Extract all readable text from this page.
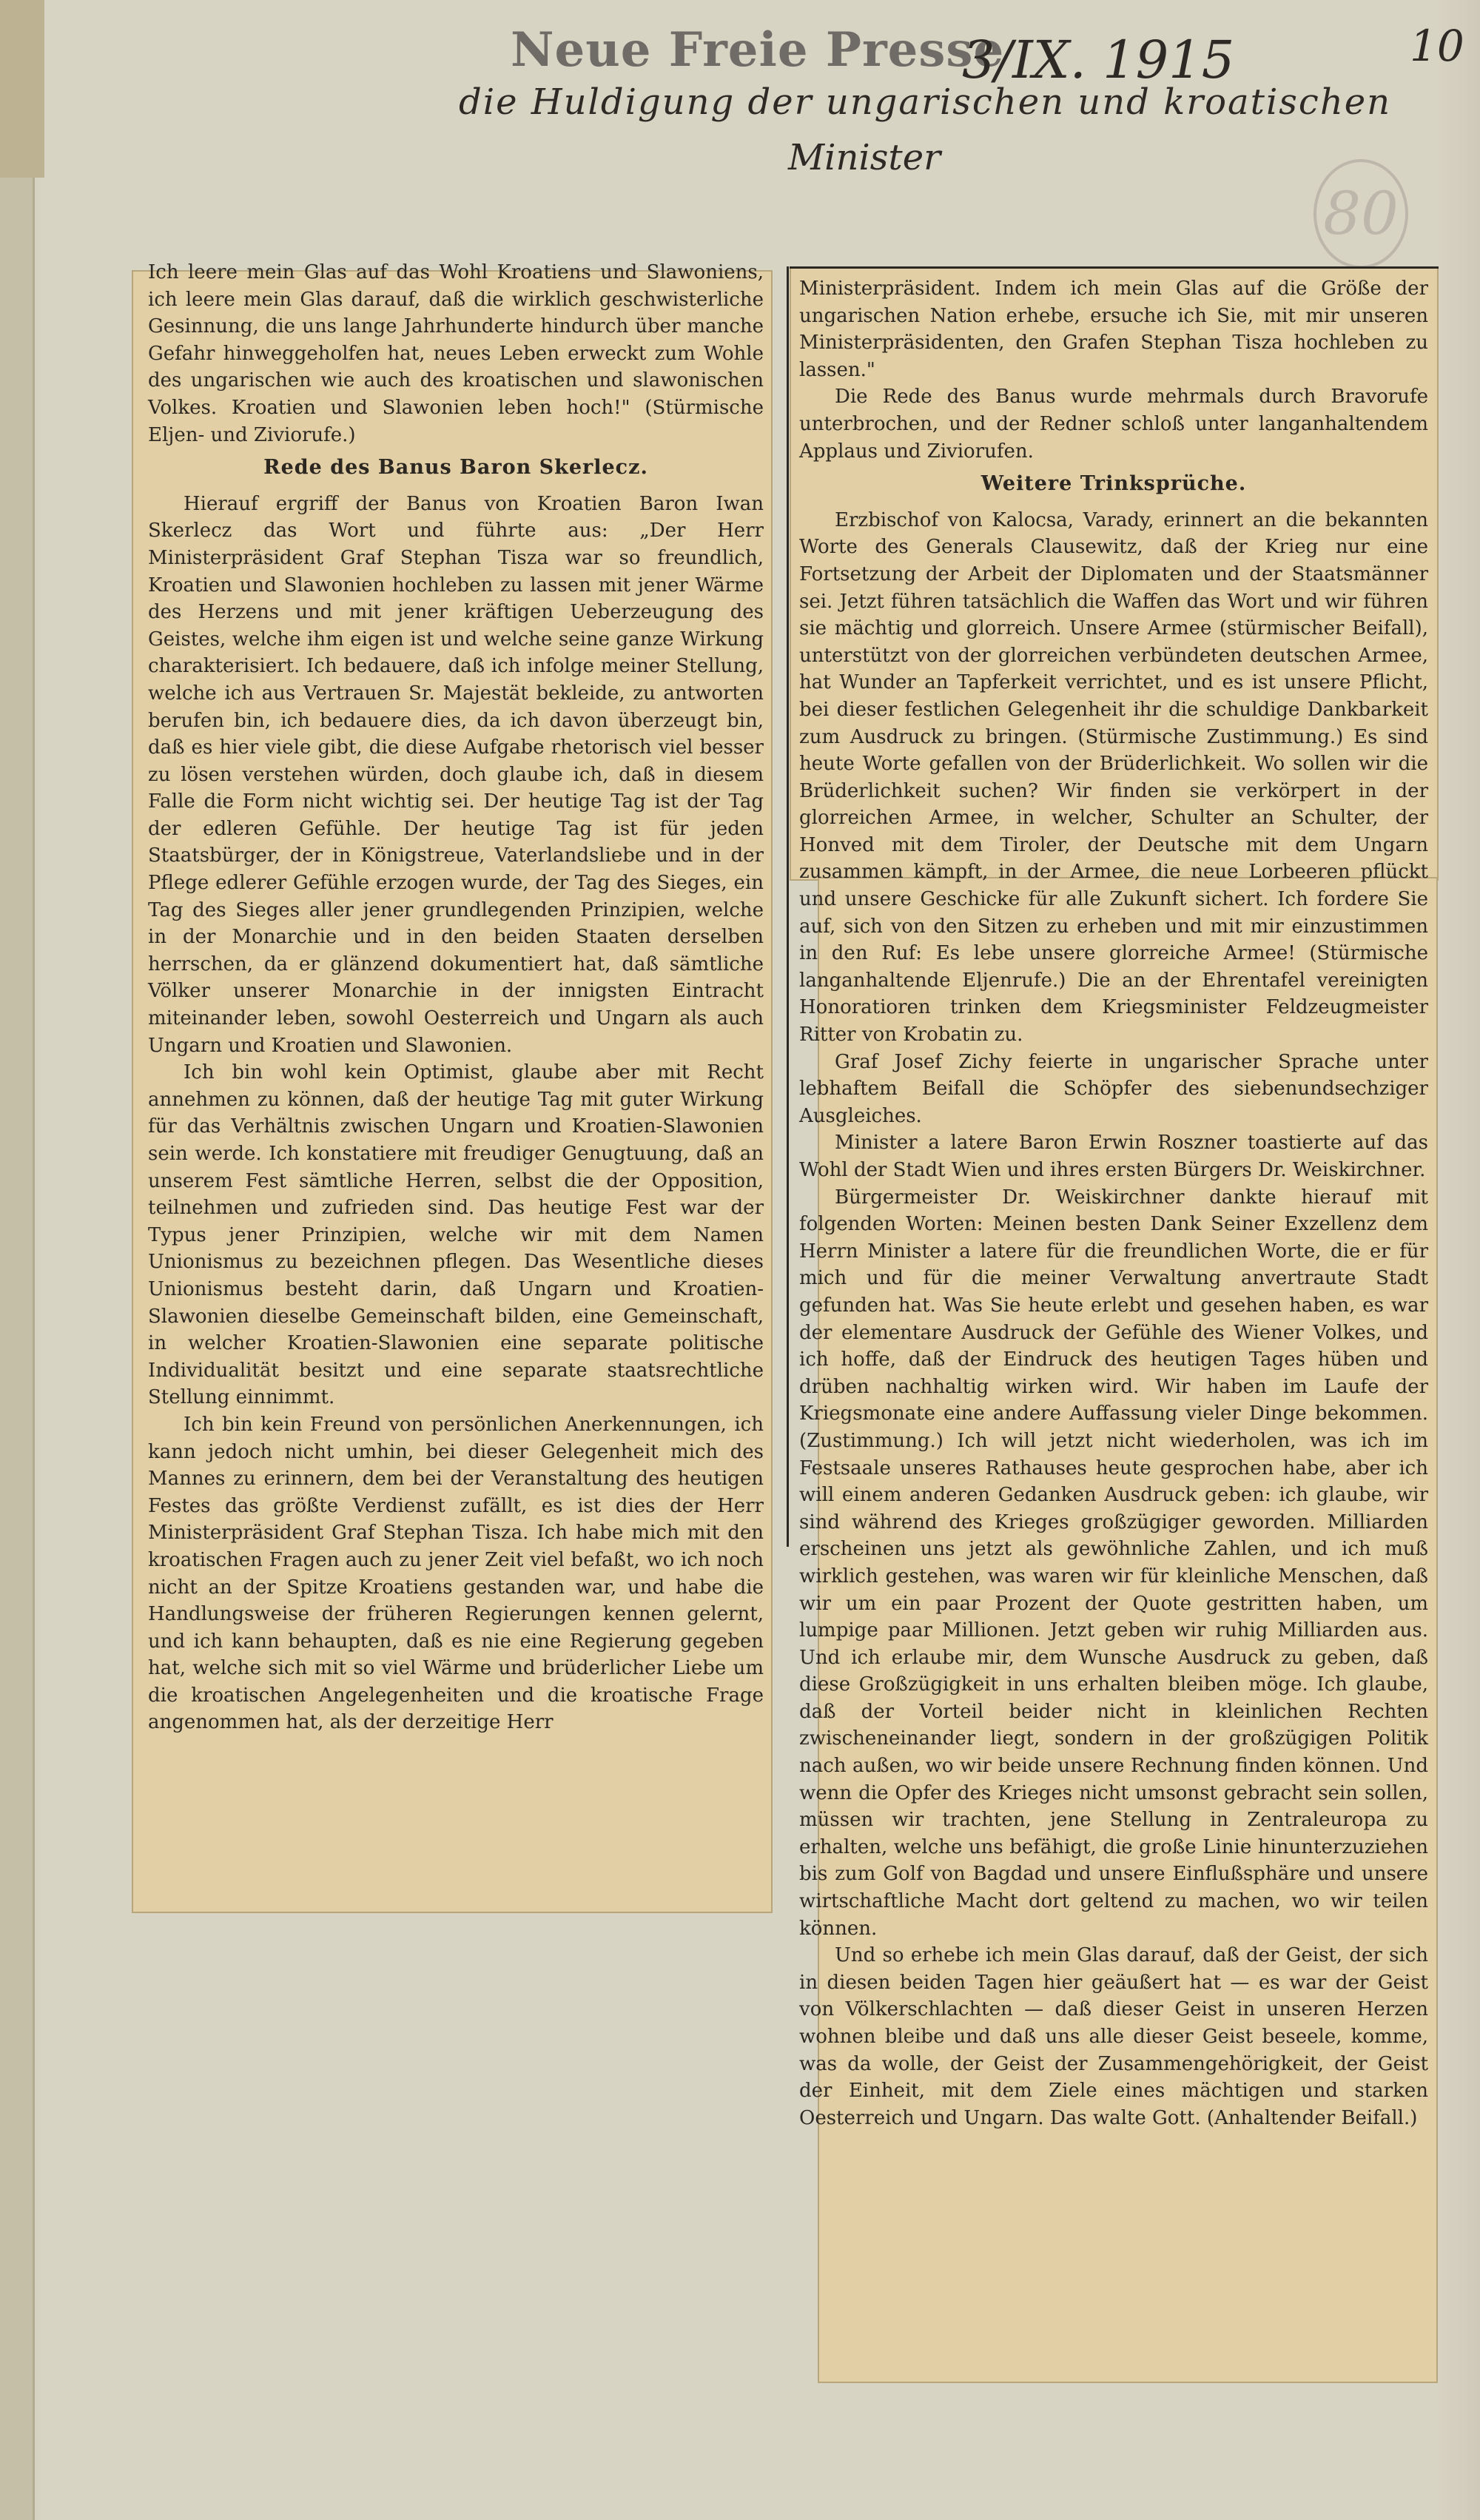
Neue Freie Presse
3/IX. 1915	10
die Huldigung der ungarischen und kroatischen
Minister
80

Ich leere mein Glas auf das Wohl Kroatiens und Slawoniens, ich leere mein Glas darauf, daß die wirklich geschwisterliche Gesinnung, die uns lange Jahrhunderte hindurch über manche Gefahr hinweggeholfen hat, neues Leben erweckt zum Wohle des ungarischen wie auch des kroatischen und slawonischen Volkes. Kroatien und Slawonien leben hoch!" (Stürmische Eljen- und Ziviorufe.)

Rede des Banus Baron Skerlecz.

Hierauf ergriff der Banus von Kroatien Baron Iwan Skerlecz das Wort und führte aus: „Der Herr Ministerpräsident Graf Stephan Tisza war so freundlich, Kroatien und Slawonien hochleben zu lassen mit jener Wärme des Herzens und mit jener kräftigen Ueberzeugung des Geistes, welche ihm eigen ist und welche seine ganze Wirkung charakterisiert. Ich bedauere, daß ich infolge meiner Stellung, welche ich aus Vertrauen Sr. Majestät bekleide, zu antworten berufen bin, ich bedauere dies, da ich davon überzeugt bin, daß es hier viele gibt, die diese Aufgabe rhetorisch viel besser zu lösen verstehen würden, doch glaube ich, daß in diesem Falle die Form nicht wichtig sei. Der heutige Tag ist der Tag der edleren Gefühle. Der heutige Tag ist für jeden Staatsbürger, der in Königstreue, Vaterlandsliebe und in der Pflege edlerer Gefühle erzogen wurde, der Tag des Sieges, ein Tag des Sieges aller jener grundlegenden Prinzipien, welche in der Monarchie und in den beiden Staaten derselben herrschen, da er glänzend dokumentiert hat, daß sämtliche Völker unserer Monarchie in der innigsten Eintracht miteinander leben, sowohl Oesterreich und Ungarn als auch Ungarn und Kroatien und Slawonien.

Ich bin wohl kein Optimist, glaube aber mit Recht annehmen zu können, daß der heutige Tag mit guter Wirkung für das Verhältnis zwischen Ungarn und Kroatien-Slawonien sein werde. Ich konstatiere mit freudiger Genugtuung, daß an unserem Fest sämtliche Herren, selbst die der Opposition, teilnehmen und zufrieden sind. Das heutige Fest war der Typus jener Prinzipien, welche wir mit dem Namen Unionismus zu bezeichnen pflegen. Das Wesentliche dieses Unionismus besteht darin, daß Ungarn und Kroatien-Slawonien dieselbe Gemeinschaft bilden, eine Gemeinschaft, in welcher Kroatien-Slawonien eine separate politische Individualität besitzt und eine separate staatsrechtliche Stellung einnimmt.

Ich bin kein Freund von persönlichen Anerkennungen, ich kann jedoch nicht umhin, bei dieser Gelegenheit mich des Mannes zu erinnern, dem bei der Veranstaltung des heutigen Festes das größte Verdienst zufällt, es ist dies der Herr Ministerpräsident Graf Stephan Tisza. Ich habe mich mit den kroatischen Fragen auch zu jener Zeit viel befaßt, wo ich noch nicht an der Spitze Kroatiens gestanden war, und habe die Handlungsweise der früheren Regierungen kennen gelernt, und ich kann behaupten, daß es nie eine Regierung gegeben hat, welche sich mit so viel Wärme und brüderlicher Liebe um die kroatischen Angelegenheiten und die kroatische Frage angenommen hat, als der derzeitige Herr

Ministerpräsident. Indem ich mein Glas auf die Größe der ungarischen Nation erhebe, ersuche ich Sie, mit mir unseren Ministerpräsidenten, den Grafen Stephan Tisza hochleben zu lassen."

Die Rede des Banus wurde mehrmals durch Bravorufe unterbrochen, und der Redner schloß unter langanhaltendem Applaus und Ziviorufen.

Weitere Trinksprüche.

Erzbischof von Kalocsa, Varady, erinnert an die bekannten Worte des Generals Clausewitz, daß der Krieg nur eine Fortsetzung der Arbeit der Diplomaten und der Staatsmänner sei. Jetzt führen tatsächlich die Waffen das Wort und wir führen sie mächtig und glorreich. Unsere Armee (stürmischer Beifall), unterstützt von der glorreichen verbündeten deutschen Armee, hat Wunder an Tapferkeit verrichtet, und es ist unsere Pflicht, bei dieser festlichen Gelegenheit ihr die schuldige Dankbarkeit zum Ausdruck zu bringen. (Stürmische Zustimmung.) Es sind heute Worte gefallen von der Brüderlichkeit. Wo sollen wir die Brüderlichkeit suchen? Wir finden sie verkörpert in der glorreichen Armee, in welcher, Schulter an Schulter, der Honved mit dem Tiroler, der Deutsche mit dem Ungarn zusammen kämpft, in der Armee, die neue Lorbeeren pflückt und unsere Geschicke für alle Zukunft sichert. Ich fordere Sie auf, sich von den Sitzen zu erheben und mit mir einzustimmen in den Ruf: Es lebe unsere glorreiche Armee! (Stürmische langanhaltende Eljenrufe.) Die an der Ehrentafel vereinigten Honoratioren trinken dem Kriegsminister Feldzeugmeister Ritter von Krobatin zu.

Graf Josef Zichy feierte in ungarischer Sprache unter lebhaftem Beifall die Schöpfer des siebenundsechziger Ausgleiches.

Minister a latere Baron Erwin Roszner toastierte auf das Wohl der Stadt Wien und ihres ersten Bürgers Dr. Weiskirchner.

Bürgermeister Dr. Weiskirchner dankte hierauf mit folgenden Worten: Meinen besten Dank Seiner Exzellenz dem Herrn Minister a latere für die freundlichen Worte, die er für mich und für die meiner Verwaltung anvertraute Stadt gefunden hat. Was Sie heute erlebt und gesehen haben, es war der elementare Ausdruck der Gefühle des Wiener Volkes, und ich hoffe, daß der Eindruck des heutigen Tages hüben und drüben nachhaltig wirken wird. Wir haben im Laufe der Kriegsmonate eine andere Auffassung vieler Dinge bekommen. (Zustimmung.) Ich will jetzt nicht wiederholen, was ich im Festsaale unseres Rathauses heute gesprochen habe, aber ich will einem anderen Gedanken Ausdruck geben: ich glaube, wir sind während des Krieges großzügiger geworden. Milliarden erscheinen uns jetzt als gewöhnliche Zahlen, und ich muß wirklich gestehen, was waren wir für kleinliche Menschen, daß wir um ein paar Prozent der Quote gestritten haben, um lumpige paar Millionen. Jetzt geben wir ruhig Milliarden aus. Und ich erlaube mir, dem Wunsche Ausdruck zu geben, daß diese Großzügigkeit in uns erhalten bleiben möge. Ich glaube, daß der Vorteil beider nicht in kleinlichen Rechten zwischeneinander liegt, sondern in der großzügigen Politik nach außen, wo wir beide unsere Rechnung finden können. Und wenn die Opfer des Krieges nicht umsonst gebracht sein sollen, müssen wir trachten, jene Stellung in Zentraleuropa zu erhalten, welche uns befähigt, die große Linie hinunterzuziehen bis zum Golf von Bagdad und unsere Einflußsphäre und unsere wirtschaftliche Macht dort geltend zu machen, wo wir teilen können.

Und so erhebe ich mein Glas darauf, daß der Geist, der sich in diesen beiden Tagen hier geäußert hat — es war der Geist von Völkerschlachten — daß dieser Geist in unseren Herzen wohnen bleibe und daß uns alle dieser Geist beseele, komme, was da wolle, der Geist der Zusammengehörigkeit, der Geist der Einheit, mit dem Ziele eines mächtigen und starken Oesterreich und Ungarn. Das walte Gott. (Anhaltender Beifall.)
